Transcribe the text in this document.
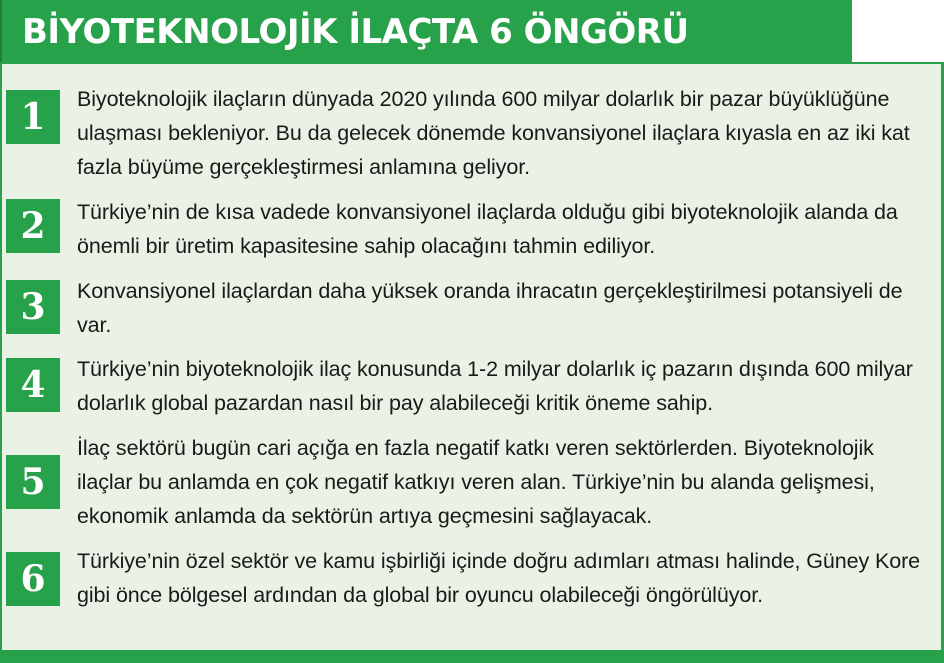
BİYOTEKNOLOJİK İLAÇTA 6 ÖNGÖRÜ
1	Biyoteknolojik ilaçların dünyada 2020 yılında 600 milyar dolarlık bir pazar büyüklüğüne ulaşması bekleniyor. Bu da gelecek dönemde konvansiyonel ilaçlara kıyasla en az iki kat fazla büyüme gerçekleştirmesi anlamına geliyor.
2	Türkiye’nin de kısa vadede konvansiyonel ilaçlarda olduğu gibi biyoteknolojik alanda da önemli bir üretim kapasitesine sahip olacağını tahmin ediliyor.
3	Konvansiyonel ilaçlardan daha yüksek oranda ihracatın gerçekleştirilmesi potansiyeli de var.
4	Türkiye’nin biyoteknolojik ilaç konusunda 1-2 milyar dolarlık iç pazarın dışında 600 milyar dolarlık global pazardan nasıl bir pay alabileceği kritik öneme sahip.
5
İlaç sektörü bugün cari açığa en fazla negatif katkı veren sektörlerden. Biyoteknolojik ilaçlar bu anlamda en çok negatif katkıyı veren alan. Türkiye’nin bu alanda gelişmesi, ekonomik anlamda da sektörün artıya geçmesini sağlayacak.
6	Türkiye’nin özel sektör ve kamu işbirliği içinde doğru adımları atması halinde, Güney Kore gibi önce bölgesel ardından da global bir oyuncu olabileceği öngörülüyor.
